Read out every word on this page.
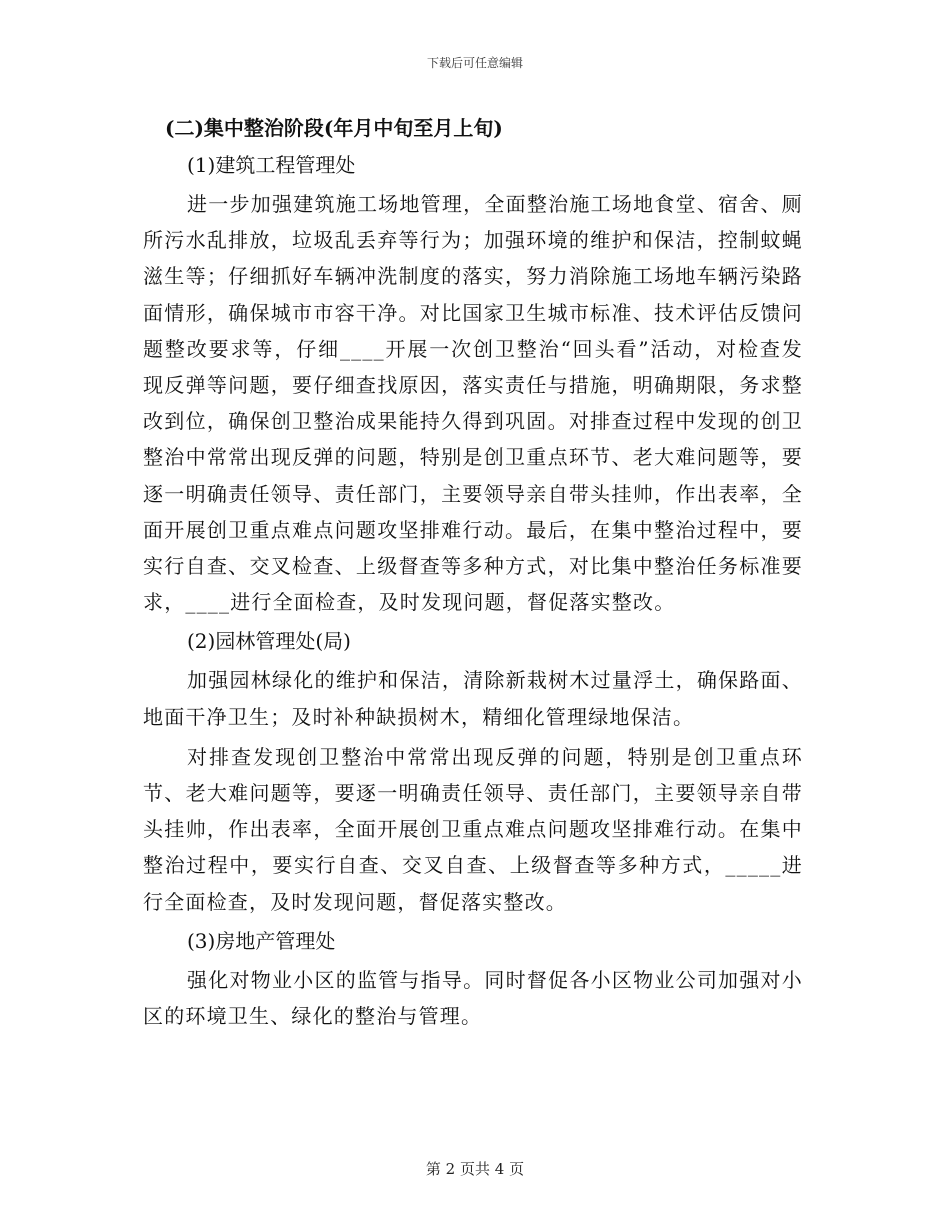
下载后可任意编辑
(二)集中整治阶段(年月中旬至月上旬)
(1)建筑工程管理处

进一步加强建筑施工场地管理，全面整治施工场地食堂、宿舍、厕所污水乱排放，垃圾乱丢弃等行为；加强环境的维护和保洁，控制蚊蝇滋生等；仔细抓好车辆冲洗制度的落实，努力消除施工场地车辆污染路面情形，确保城市市容干净。对比国家卫生城市标准、技术评估反馈问题整改要求等，仔细____开展一次创卫整治“回头看”活动，对检查发现反弹等问题，要仔细查找原因，落实责任与措施，明确期限，务求整改到位，确保创卫整治成果能持久得到巩固。对排查过程中发现的创卫整治中常常出现反弹的问题，特别是创卫重点环节、老大难问题等，要逐一明确责任领导、责任部门，主要领导亲自带头挂帅，作出表率，全面开展创卫重点难点问题攻坚排难行动。最后，在集中整治过程中，要实行自查、交叉检查、上级督查等多种方式，对比集中整治任务标准要求，____进行全面检查，及时发现问题，督促落实整改。

(2)园林管理处(局)

加强园林绿化的维护和保洁，清除新栽树木过量浮土，确保路面、地面干净卫生；及时补种缺损树木，精细化管理绿地保洁。

对排查发现创卫整治中常常出现反弹的问题，特别是创卫重点环节、老大难问题等，要逐一明确责任领导、责任部门，主要领导亲自带头挂帅，作出表率，全面开展创卫重点难点问题攻坚排难行动。在集中整治过程中，要实行自查、交叉自查、上级督查等多种方式，_____进行全面检查，及时发现问题，督促落实整改。

(3)房地产管理处

强化对物业小区的监管与指导。同时督促各小区物业公司加强对小区的环境卫生、绿化的整治与管理。

第 2 页共 4 页
